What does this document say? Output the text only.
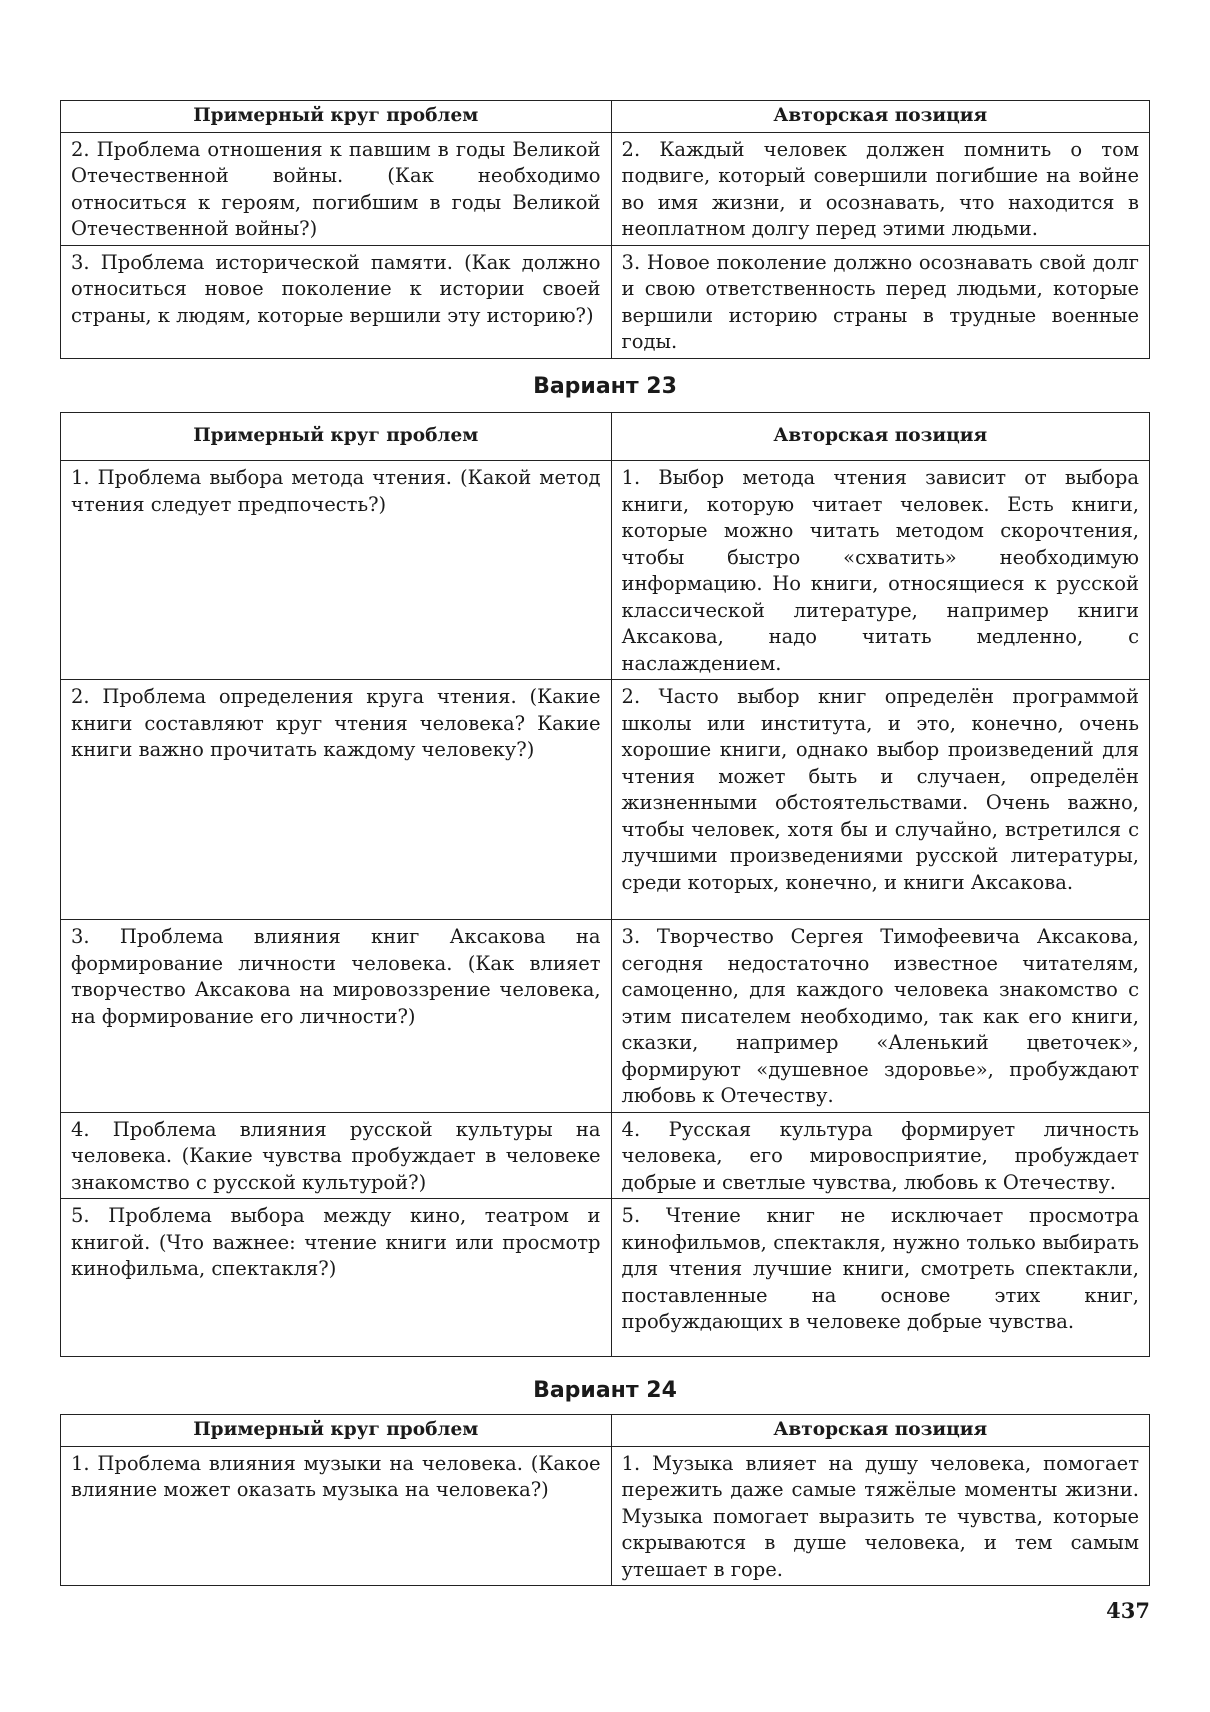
Примерный круг проблем	Авторская позиция
2. Проблема отношения к павшим в годы Великой Отечественной войны. (Как необходимо относиться к героям, погибшим в годы Великой Отечественной войны?)	2. Каждый человек должен помнить о том подвиге, который совершили погибшие на войне во имя жизни, и осознавать, что находится в неоплатном долгу перед этими людьми.
3. Проблема исторической памяти. (Как должно относиться новое поколение к истории своей страны, к людям, которые вершили эту историю?)	3. Новое поколение должно осознавать свой долг и свою ответственность перед людьми, которые вершили историю страны в трудные военные годы.
Вариант 23
Примерный круг проблем	Авторская позиция
1. Проблема выбора метода чтения. (Какой метод чтения следует предпочесть?)	1. Выбор метода чтения зависит от выбора книги, которую читает человек. Есть книги, которые можно читать методом скорочтения, чтобы быстро «схватить» необходимую информацию. Но книги, относящиеся к русской классической литературе, например книги Аксакова, надо читать медленно, с наслаждением.
2. Проблема определения круга чтения. (Какие книги составляют круг чтения человека? Какие книги важно прочитать каждому человеку?)	2. Часто выбор книг определён программой школы или института, и это, конечно, очень хорошие книги, однако выбор произведений для чтения может быть и случаен, определён жизненными обстоятельствами. Очень важно, чтобы человек, хотя бы и случайно, встретился с лучшими произведениями русской литературы, среди которых, конечно, и книги Аксакова.
3. Проблема влияния книг Аксакова на формирование личности человека. (Как влияет творчество Аксакова на мировоззрение человека, на формирование его личности?)	3. Творчество Сергея Тимофеевича Аксакова, сегодня недостаточно известное читателям, самоценно, для каждого человека знакомство с этим писателем необходимо, так как его книги, сказки, например «Аленький цветочек», формируют «душевное здоровье», пробуждают любовь к Отечеству.
4. Проблема влияния русской культуры на человека. (Какие чувства пробуждает в человеке знакомство с русской культурой?)	4. Русская культура формирует личность человека, его мировосприятие, пробуждает добрые и светлые чувства, любовь к Отечеству.
5. Проблема выбора между кино, театром и книгой. (Что важнее: чтение книги или просмотр кинофильма, спектакля?)	5. Чтение книг не исключает просмотра кинофильмов, спектакля, нужно только выбирать для чтения лучшие книги, смотреть спектакли, поставленные на основе этих книг, пробуждающих в человеке добрые чувства.
Вариант 24
Примерный круг проблем	Авторская позиция
1. Проблема влияния музыки на человека. (Какое влияние может оказать музыка на человека?)	1. Музыка влияет на душу человека, помогает пережить даже самые тяжёлые моменты жизни. Музыка помогает выразить те чувства, которые скрываются в душе человека, и тем самым утешает в горе.
437
